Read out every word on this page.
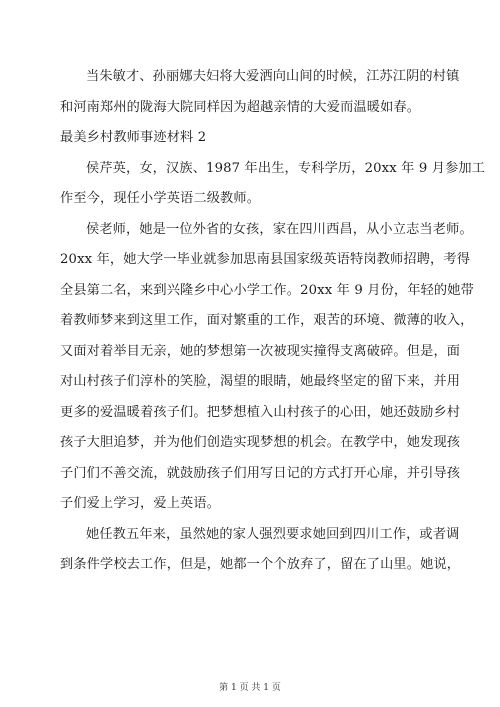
当朱敏才、孙丽娜夫妇将大爱洒向山间的时候，江苏江阴的村镇
和河南郑州的陇海大院同样因为超越亲情的大爱而温暖如春。
最美乡村教师事迹材料 2
侯芹英，女，汉族、1987 年出生，专科学历，20xx 年 9 月参加工
作至今，现任小学英语二级教师。
侯老师，她是一位外省的女孩，家在四川西昌，从小立志当老师。
20xx 年，她大学一毕业就参加思南县国家级英语特岗教师招聘，考得
全县第二名，来到兴隆乡中心小学工作。20xx 年 9 月份，年轻的她带
着教师梦来到这里工作，面对繁重的工作，艰苦的环境、微薄的收入，
又面对着举目无亲，她的梦想第一次被现实撞得支离破碎。但是，面
对山村孩子们淳朴的笑脸，渴望的眼睛，她最终坚定的留下来，并用
更多的爱温暖着孩子们。把梦想植入山村孩子的心田，她还鼓励乡村
孩子大胆追梦，并为他们创造实现梦想的机会。在教学中，她发现孩
子门们不善交流，就鼓励孩子们用写日记的方式打开心扉，并引导孩
子们爱上学习，爱上英语。
她任教五年来，虽然她的家人强烈要求她回到四川工作，或者调
到条件学校去工作，但是，她都一个个放弃了，留在了山里。她说，
第 1 页 共 1 页
